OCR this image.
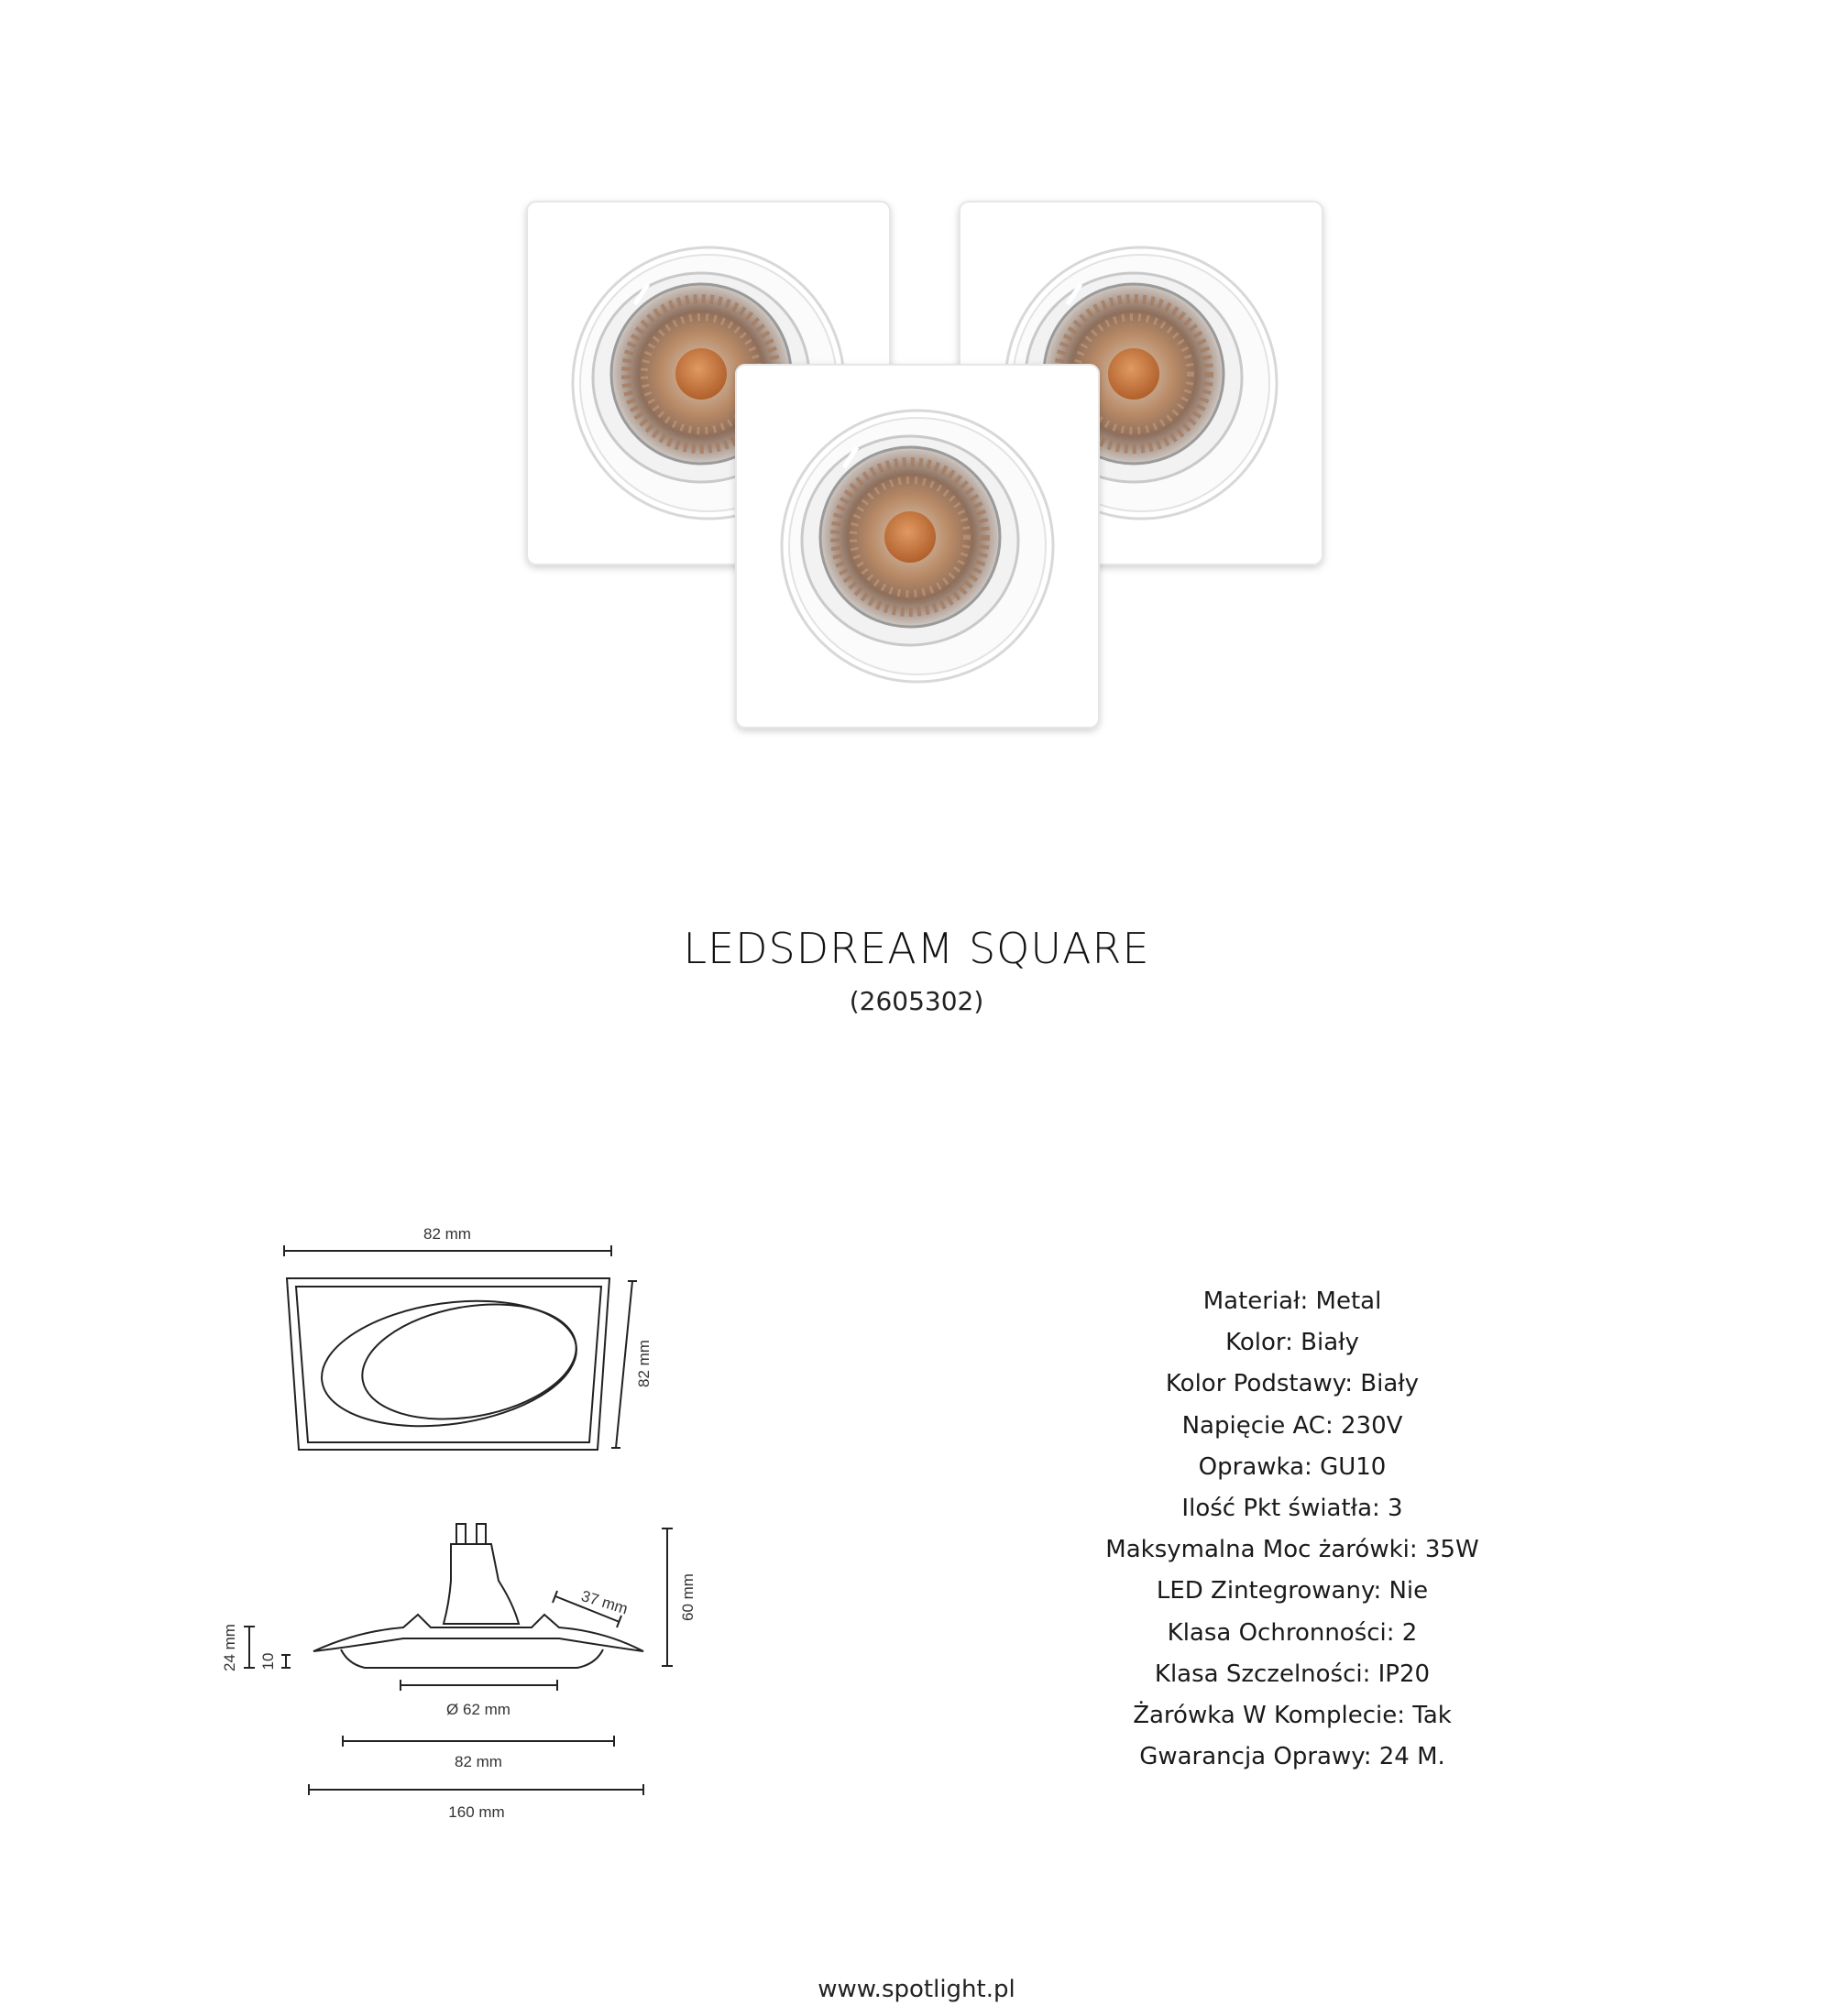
LEDSDREAM SQUARE
(2605302)
82 mm
82 mm
60 mm
37 mm
24 mm 10
Ø 62 mm
82 mm
160 mm
Materiał: Metal
Kolor: Biały
Kolor Podstawy: Biały
Napięcie AC: 230V
Oprawka: GU10
Ilość Pkt światła: 3
Maksymalna Moc żarówki: 35W
LED Zintegrowany: Nie
Klasa Ochronności: 2
Klasa Szczelności: IP20
Żarówka W Komplecie: Tak
Gwarancja Oprawy: 24 M.
www.spotlight.pl
